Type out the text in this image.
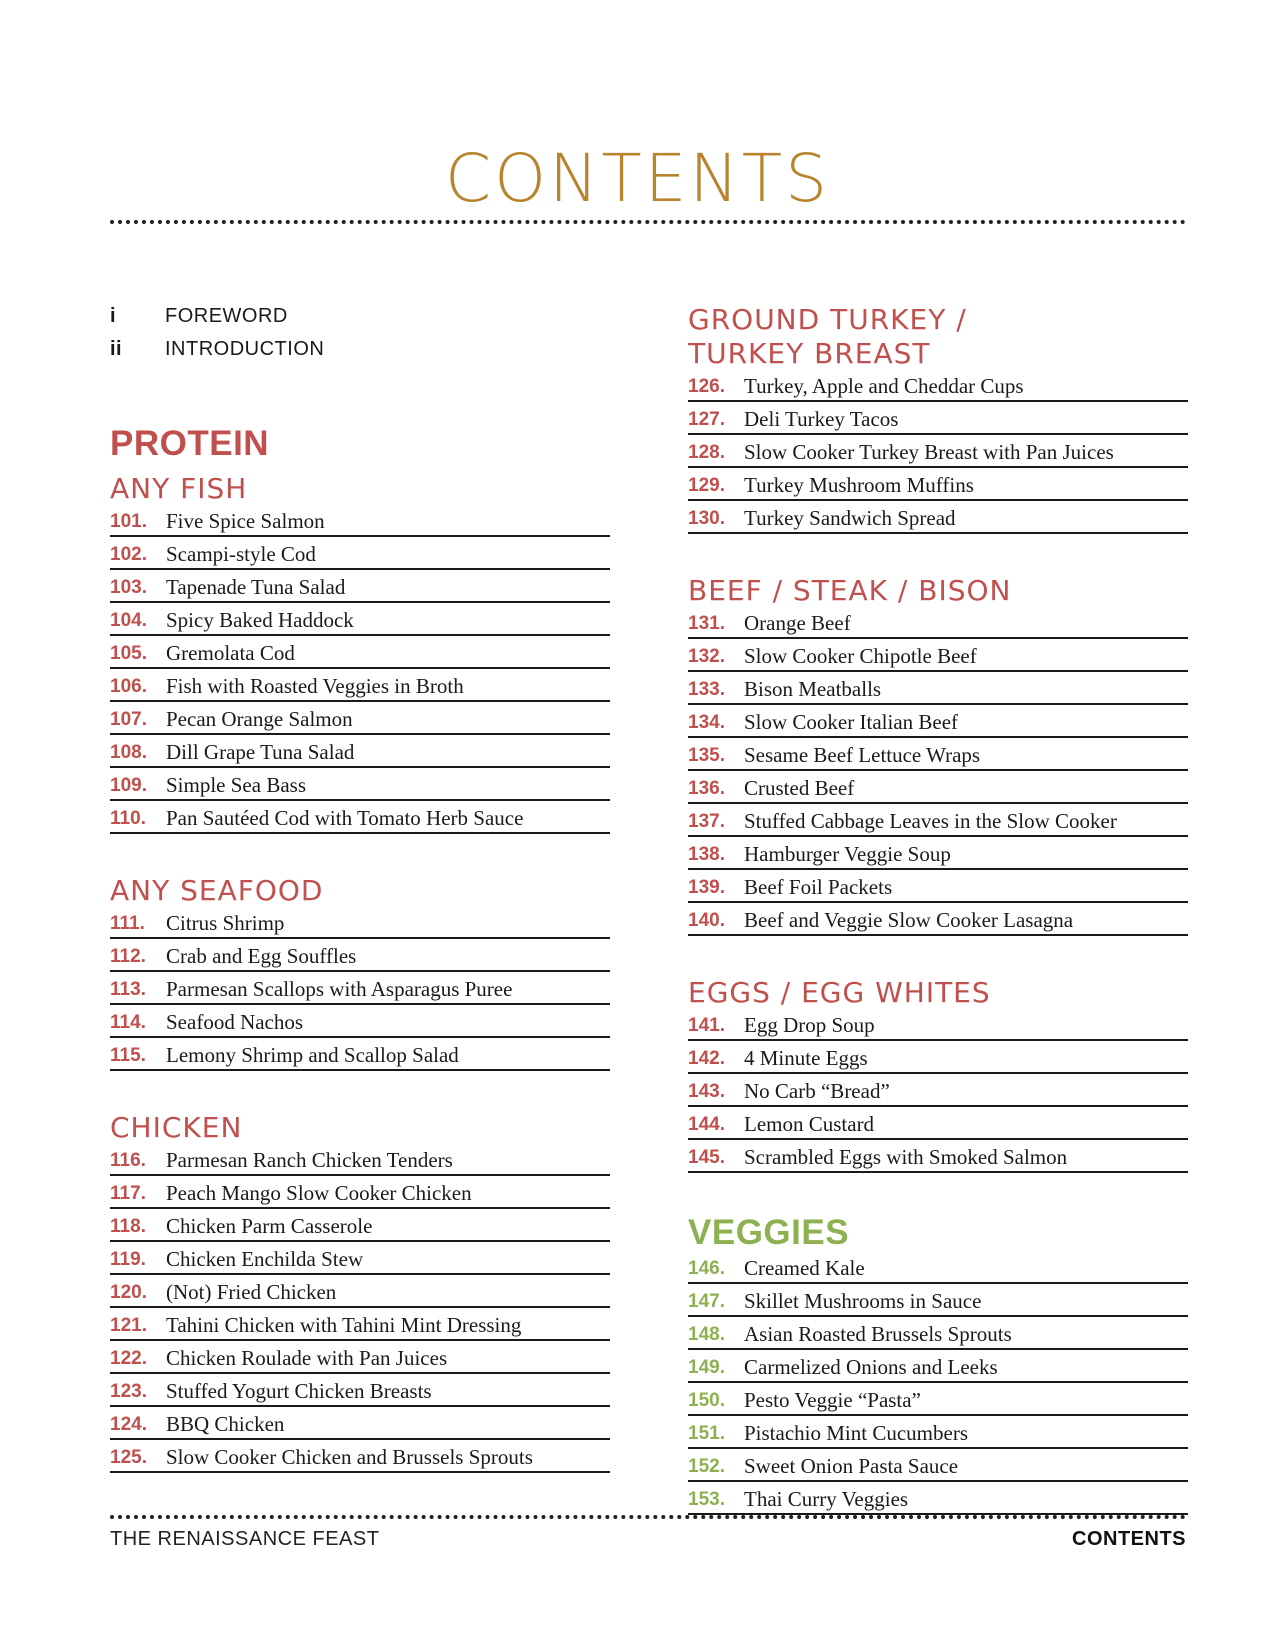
CONTENTS
i	FOREWORD
ii	INTRODUCTION
PROTEIN
ANY FISH
101. Five Spice Salmon
102. Scampi-style Cod
103. Tapenade Tuna Salad
104. Spicy Baked Haddock
105. Gremolata Cod
106. Fish with Roasted Veggies in Broth
107. Pecan Orange Salmon
108. Dill Grape Tuna Salad
109. Simple Sea Bass
110. Pan Sautéed Cod with Tomato Herb Sauce
ANY SEAFOOD
111.	Citrus Shrimp
112. Crab and Egg Souffles
113. Parmesan Scallops with Asparagus Puree
114. Seafood Nachos
115. Lemony Shrimp and Scallop Salad
CHICKEN
116. Parmesan Ranch Chicken Tenders
117. Peach Mango Slow Cooker Chicken
118. Chicken Parm Casserole
119. Chicken Enchilda Stew
120. (Not) Fried Chicken
121. Tahini Chicken with Tahini Mint Dressing
122. Chicken Roulade with Pan Juices
123. Stuffed Yogurt Chicken Breasts
124. BBQ Chicken
125. Slow Cooker Chicken and Brussels Sprouts
GROUND TURKEY /
TURKEY BREAST
126. Turkey, Apple and Cheddar Cups
127. Deli Turkey Tacos
128. Slow Cooker Turkey Breast with Pan Juices
129. Turkey Mushroom Muffins
130. Turkey Sandwich Spread
BEEF / STEAK / BISON
131. Orange Beef
132. Slow Cooker Chipotle Beef
133. Bison Meatballs
134. Slow Cooker Italian Beef
135. Sesame Beef Lettuce Wraps
136. Crusted Beef
137. Stuffed Cabbage Leaves in the Slow Cooker
138. Hamburger Veggie Soup
139. Beef Foil Packets
140. Beef and Veggie Slow Cooker Lasagna
EGGS / EGG WHITES
141. Egg Drop Soup
142. 4 Minute Eggs
143. No Carb “Bread”
144. Lemon Custard
145. Scrambled Eggs with Smoked Salmon
VEGGIES
146. Creamed Kale
147. Skillet Mushrooms in Sauce
148. Asian Roasted Brussels Sprouts
149. Carmelized Onions and Leeks
150. Pesto Veggie “Pasta”
151. Pistachio Mint Cucumbers
152. Sweet Onion Pasta Sauce
153. Thai Curry Veggies
THE RENAISSANCE FEAST	CONTENTS
